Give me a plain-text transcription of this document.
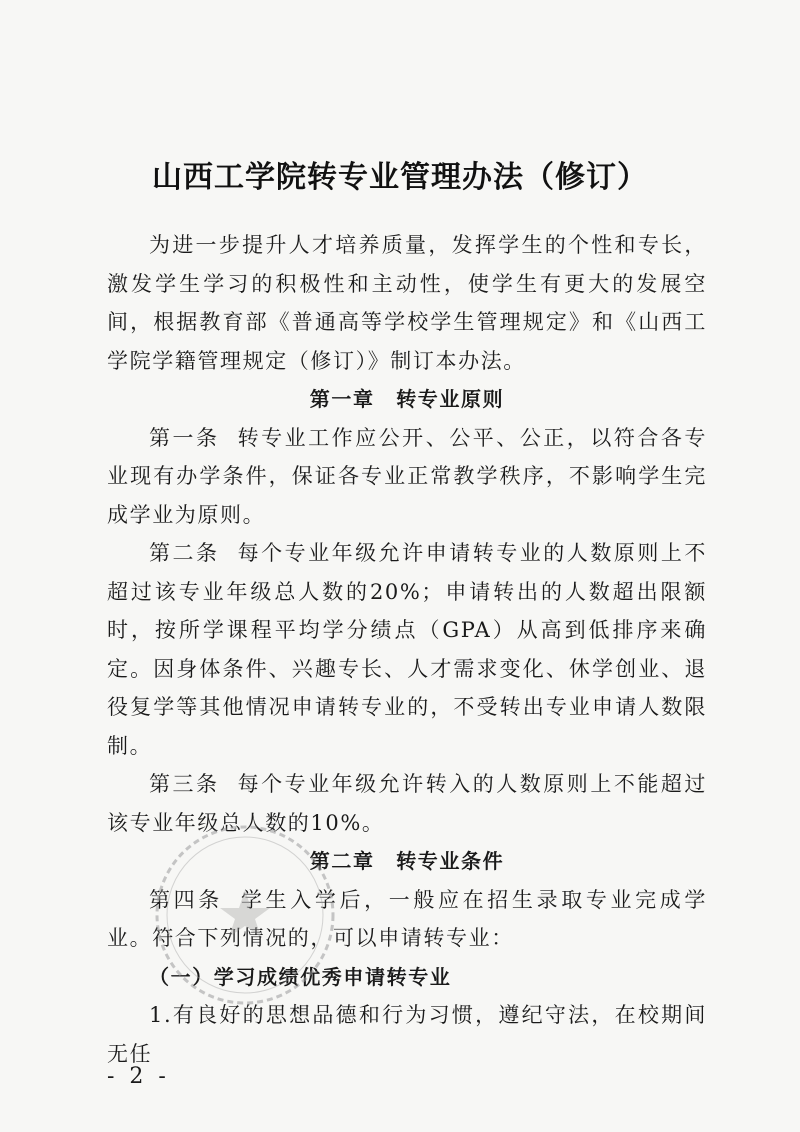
山西工学院转专业管理办法（修订）

为进一步提升人才培养质量，发挥学生的个性和专长，激发学生学习的积极性和主动性，使学生有更大的发展空间，根据教育部《普通高等学校学生管理规定》和《山西工学院学籍管理规定（修订）》制订本办法。

第一章　转专业原则

第一条 转专业工作应公开、公平、公正，以符合各专业现有办学条件，保证各专业正常教学秩序，不影响学生完成学业为原则。

第二条 每个专业年级允许申请转专业的人数原则上不超过该专业年级总人数的20%；申请转出的人数超出限额时，按所学课程平均学分绩点（GPA）从高到低排序来确定。因身体条件、兴趣专长、人才需求变化、休学创业、退役复学等其他情况申请转专业的，不受转出专业申请人数限制。

第三条 每个专业年级允许转入的人数原则上不能超过该专业年级总人数的10%。

第二章　转专业条件

第四条 学生入学后，一般应在招生录取专业完成学业。符合下列情况的，可以申请转专业：

（一）学习成绩优秀申请转专业

1.有良好的思想品德和行为习惯，遵纪守法，在校期间无任

- 2 -
